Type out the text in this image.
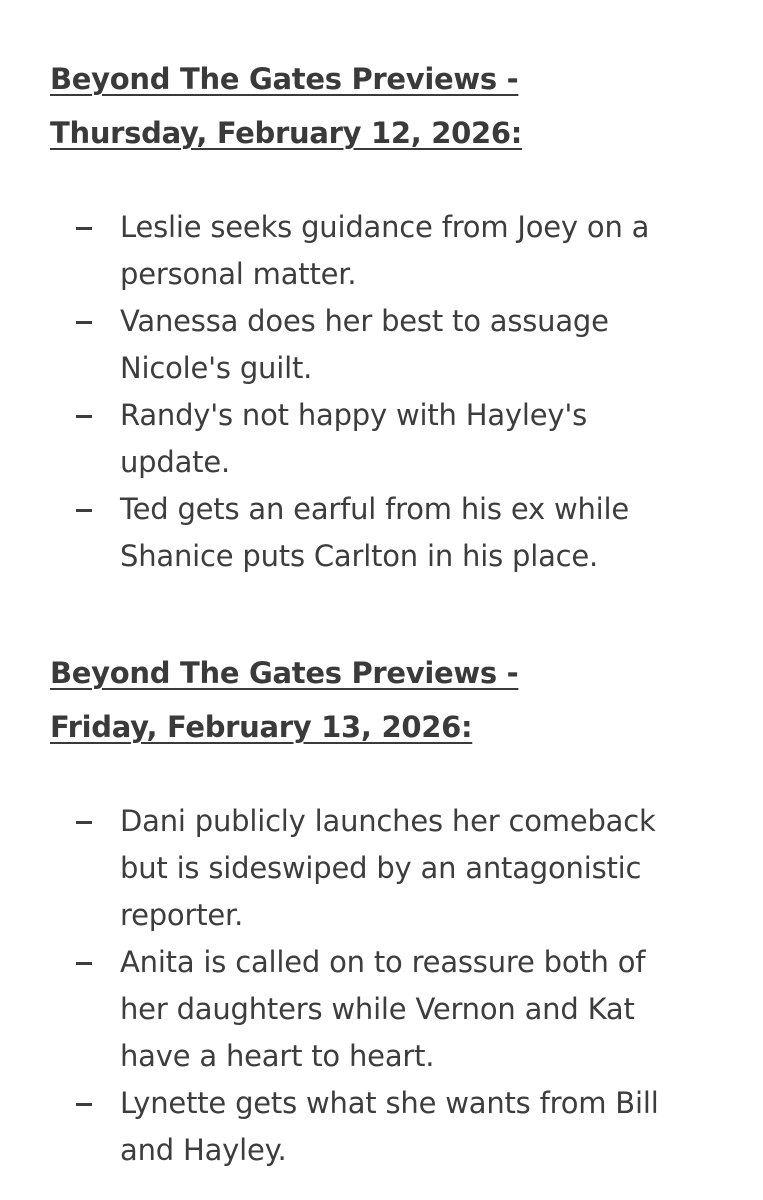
Beyond The Gates Previews -
Thursday, February 12, 2026:
Leslie seeks guidance from Joey on a
personal matter.
Vanessa does her best to assuage
Nicole's guilt.
Randy's not happy with Hayley's
update.
Ted gets an earful from his ex while
Shanice puts Carlton in his place.
Beyond The Gates Previews -
Friday, February 13, 2026:
Dani publicly launches her comeback
but is sideswiped by an antagonistic
reporter.
Anita is called on to reassure both of
her daughters while Vernon and Kat
have a heart to heart.
Lynette gets what she wants from Bill
and Hayley.
